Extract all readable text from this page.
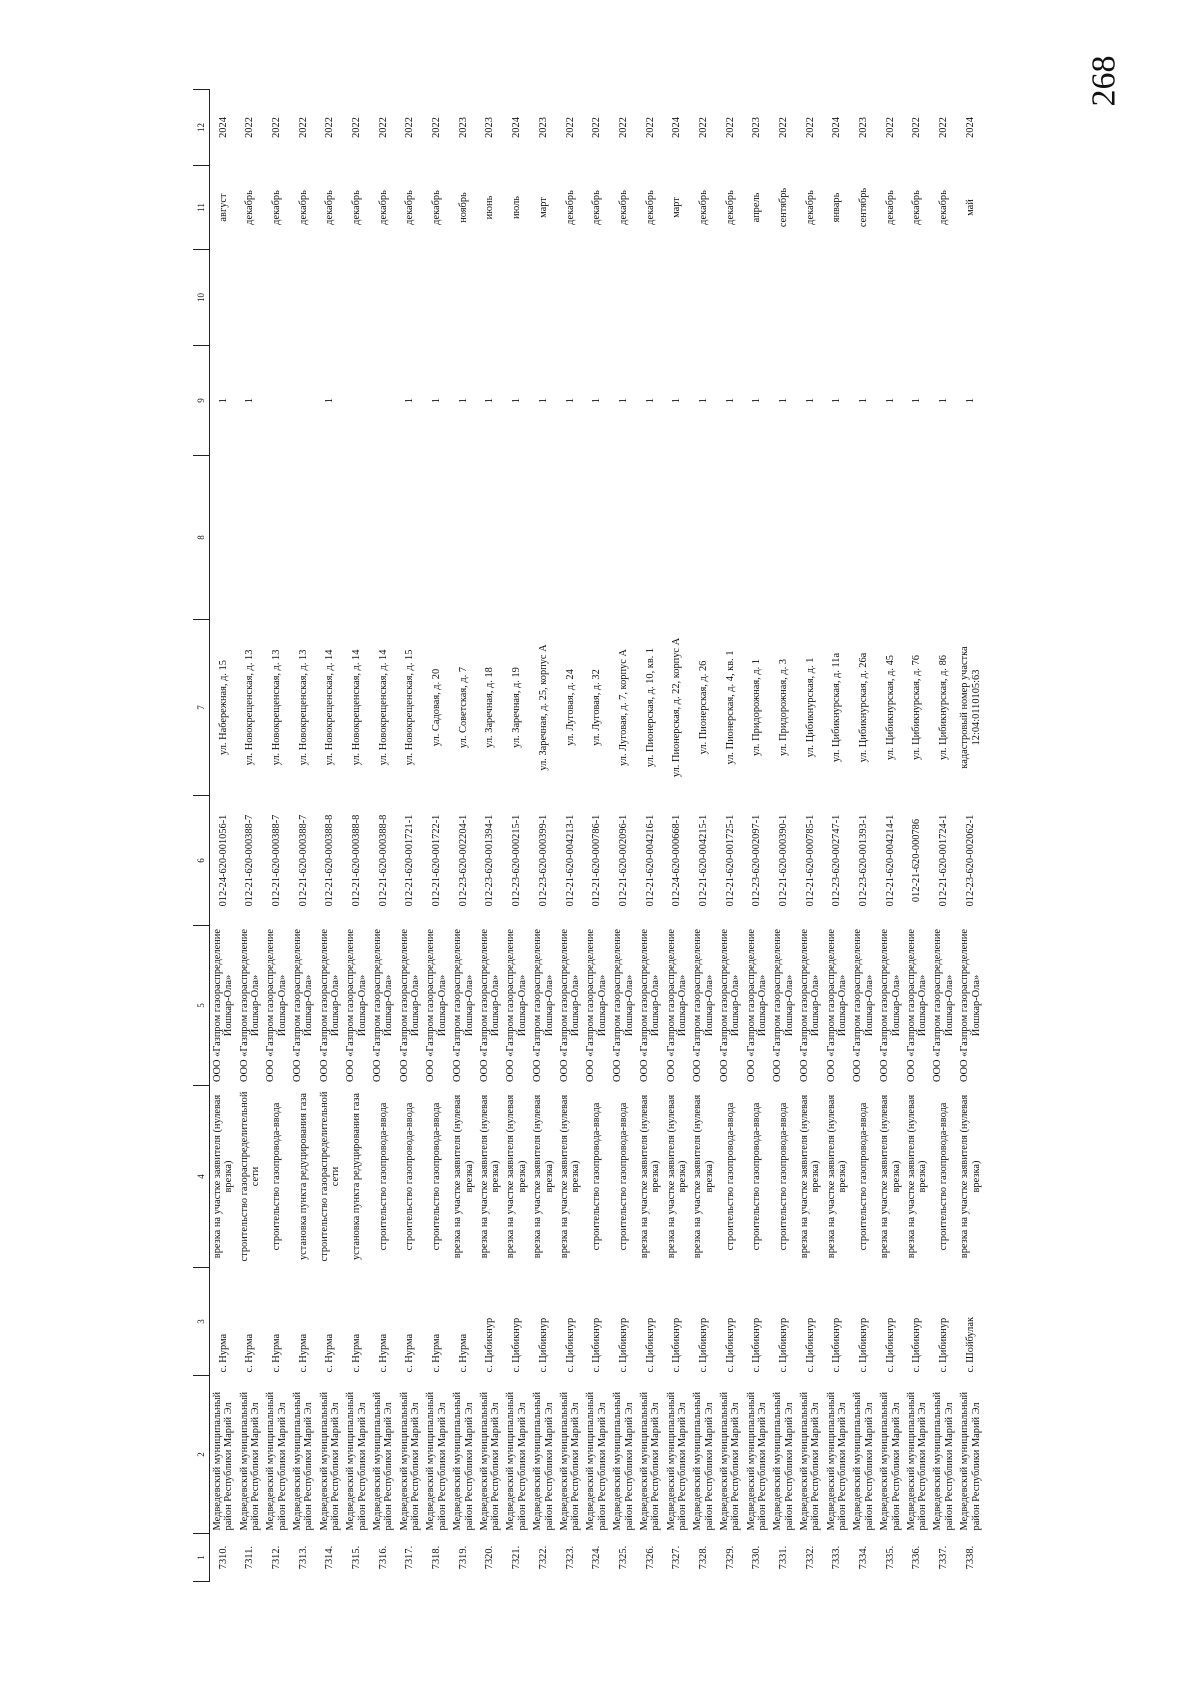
268
1	2	3	4	5	6	7	8	9	10	11	12
7310.	Медведевский муниципальный район Республики Марий Эл	с. Нурма	врезка на участке заявителя (нулевая врезка)	ООО «Газпром газораспределение Йошкар-Ола»	012-24-620-001056-1	ул. Набережная, д. 15		1		август	2024
7311.	Медведевский муниципальный район Республики Марий Эл	с. Нурма	строительство газораспределительной сети	ООО «Газпром газораспределение Йошкар-Ола»	012-21-620-000388-7	ул. Новокрещенская, д. 13		1		декабрь	2022
7312.	Медведевский муниципальный район Республики Марий Эл	с. Нурма	строительство газопровода-ввода	ООО «Газпром газораспределение Йошкар-Ола»	012-21-620-000388-7	ул. Новокрещенская, д. 13				декабрь	2022
7313.	Медведевский муниципальный район Республики Марий Эл	с. Нурма	установка пункта редуцирования газа	ООО «Газпром газораспределение Йошкар-Ола»	012-21-620-000388-7	ул. Новокрещенская, д. 13				декабрь	2022
7314.	Медведевский муниципальный район Республики Марий Эл	с. Нурма	строительство газораспределительной сети	ООО «Газпром газораспределение Йошкар-Ола»	012-21-620-000388-8	ул. Новокрещенская, д. 14		1		декабрь	2022
7315.	Медведевский муниципальный район Республики Марий Эл	с. Нурма	установка пункта редуцирования газа	ООО «Газпром газораспределение Йошкар-Ола»	012-21-620-000388-8	ул. Новокрещенская, д. 14				декабрь	2022
7316.	Медведевский муниципальный район Республики Марий Эл	с. Нурма	строительство газопровода-ввода	ООО «Газпром газораспределение Йошкар-Ола»	012-21-620-000388-8	ул. Новокрещенская, д. 14				декабрь	2022
7317.	Медведевский муниципальный район Республики Марий Эл	с. Нурма	строительство газопровода-ввода	ООО «Газпром газораспределение Йошкар-Ола»	012-21-620-001721-1	ул. Новокрещенская, д. 15		1		декабрь	2022
7318.	Медведевский муниципальный район Республики Марий Эл	с. Нурма	строительство газопровода-ввода	ООО «Газпром газораспределение Йошкар-Ола»	012-21-620-001722-1	ул. Садовая, д. 20		1		декабрь	2022
7319.	Медведевский муниципальный район Республики Марий Эл	с. Нурма	врезка на участке заявителя (нулевая врезка)	ООО «Газпром газораспределение Йошкар-Ола»	012-23-620-002204-1	ул. Советская, д. 7		1		ноябрь	2023
7320.	Медведевский муниципальный район Республики Марий Эл	с. Цибикнур	врезка на участке заявителя (нулевая врезка)	ООО «Газпром газораспределение Йошкар-Ола»	012-23-620-001394-1	ул. Заречная, д. 18		1		июнь	2023
7321.	Медведевский муниципальный район Республики Марий Эл	с. Цибикнур	врезка на участке заявителя (нулевая врезка)	ООО «Газпром газораспределение Йошкар-Ола»	012-23-620-000215-1	ул. Заречная, д. 19		1		июль	2024
7322.	Медведевский муниципальный район Республики Марий Эл	с. Цибикнур	врезка на участке заявителя (нулевая врезка)	ООО «Газпром газораспределение Йошкар-Ола»	012-23-620-000399-1	ул. Заречная, д. 25, корпус А		1		март	2023
7323.	Медведевский муниципальный район Республики Марий Эл	с. Цибикнур	врезка на участке заявителя (нулевая врезка)	ООО «Газпром газораспределение Йошкар-Ола»	012-21-620-004213-1	ул. Луговая, д. 24		1		декабрь	2022
7324.	Медведевский муниципальный район Республики Марий Эл	с. Цибикнур	строительство газопровода-ввода	ООО «Газпром газораспределение Йошкар-Ола»	012-21-620-000786-1	ул. Луговая, д. 32		1		декабрь	2022
7325.	Медведевский муниципальный район Республики Марий Эл	с. Цибикнур	строительство газопровода-ввода	ООО «Газпром газораспределение Йошкар-Ола»	012-21-620-002096-1	ул. Луговая, д. 7, корпус А		1		декабрь	2022
7326.	Медведевский муниципальный район Республики Марий Эл	с. Цибикнур	врезка на участке заявителя (нулевая врезка)	ООО «Газпром газораспределение Йошкар-Ола»	012-21-620-004216-1	ул. Пионерская, д. 10, кв. 1		1		декабрь	2022
7327.	Медведевский муниципальный район Республики Марий Эл	с. Цибикнур	врезка на участке заявителя (нулевая врезка)	ООО «Газпром газораспределение Йошкар-Ола»	012-24-620-000668-1	ул. Пионерская, д. 22, корпус А		1		март	2024
7328.	Медведевский муниципальный район Республики Марий Эл	с. Цибикнур	врезка на участке заявителя (нулевая врезка)	ООО «Газпром газораспределение Йошкар-Ола»	012-21-620-004215-1	ул. Пионерская, д. 26		1		декабрь	2022
7329.	Медведевский муниципальный район Республики Марий Эл	с. Цибикнур	строительство газопровода-ввода	ООО «Газпром газораспределение Йошкар-Ола»	012-21-620-001725-1	ул. Пионерская, д. 4, кв. 1		1		декабрь	2022
7330.	Медведевский муниципальный район Республики Марий Эл	с. Цибикнур	строительство газопровода-ввода	ООО «Газпром газораспределение Йошкар-Ола»	012-23-620-002097-1	ул. Придорожная, д. 1		1		апрель	2023
7331.	Медведевский муниципальный район Республики Марий Эл	с. Цибикнур	строительство газопровода-ввода	ООО «Газпром газораспределение Йошкар-Ола»	012-21-620-000390-1	ул. Придорожная, д. 3		1		сентябрь	2022
7332.	Медведевский муниципальный район Республики Марий Эл	с. Цибикнур	врезка на участке заявителя (нулевая врезка)	ООО «Газпром газораспределение Йошкар-Ола»	012-21-620-000785-1	ул. Цибикнурская, д. 1		1		декабрь	2022
7333.	Медведевский муниципальный район Республики Марий Эл	с. Цибикнур	врезка на участке заявителя (нулевая врезка)	ООО «Газпром газораспределение Йошкар-Ола»	012-23-620-002747-1	ул. Цибикнурская, д. 11а		1		январь	2024
7334.	Медведевский муниципальный район Республики Марий Эл	с. Цибикнур	строительство газопровода-ввода	ООО «Газпром газораспределение Йошкар-Ола»	012-23-620-001393-1	ул. Цибикнурская, д. 26а		1		сентябрь	2023
7335.	Медведевский муниципальный район Республики Марий Эл	с. Цибикнур	врезка на участке заявителя (нулевая врезка)	ООО «Газпром газораспределение Йошкар-Ола»	012-21-620-004214-1	ул. Цибикнурская, д. 45		1		декабрь	2022
7336.	Медведевский муниципальный район Республики Марий Эл	с. Цибикнур	врезка на участке заявителя (нулевая врезка)	ООО «Газпром газораспределение Йошкар-Ола»	012-21-620-000786	ул. Цибикнурская, д. 76		1		декабрь	2022
7337.	Медведевский муниципальный район Республики Марий Эл	с. Цибикнур	строительство газопровода-ввода	ООО «Газпром газораспределение Йошкар-Ола»	012-21-620-001724-1	ул. Цибикнурская, д. 86		1		декабрь	2022
7338.	Медведевский муниципальный район Республики Марий Эл	с. Шойбулак	врезка на участке заявителя (нулевая врезка)	ООО «Газпром газораспределение Йошкар-Ола»	012-23-620-002062-1	кадастровый номер участка 12:04:0110105:63		1		май	2024
